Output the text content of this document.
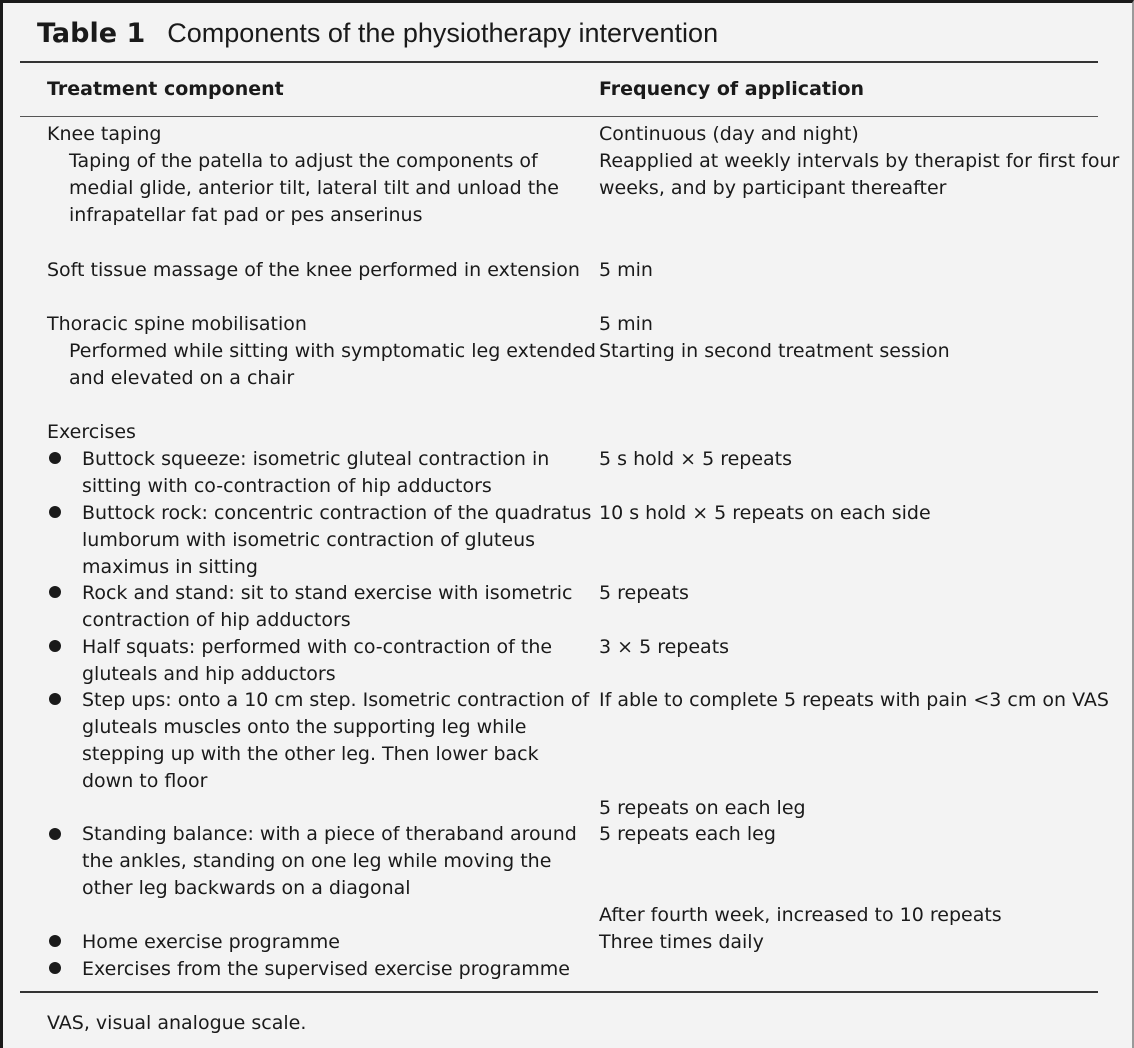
Table 1 Components of the physiotherapy intervention
Treatment component	Frequency of application
Knee taping
Taping of the patella to adjust the components of
medial glide, anterior tilt, lateral tilt and unload the
infrapatellar fat pad or pes anserinus
Continuous (day and night)
Reapplied at weekly intervals by therapist for first four
weeks, and by participant thereafter
Soft tissue massage of the knee performed in extension 5 min
Thoracic spine mobilisation
Performed while sitting with symptomatic leg extended
and elevated on a chair
5 min
Starting in second treatment session
Exercises
Buttock squeeze: isometric gluteal contraction in
sitting with co-contraction of hip adductors
5 s hold × 5 repeats
Buttock rock: concentric contraction of the quadratus
lumborum with isometric contraction of gluteus
maximus in sitting
10 s hold × 5 repeats on each side
Rock and stand: sit to stand exercise with isometric
contraction of hip adductors
5 repeats
Half squats: performed with co-contraction of the
gluteals and hip adductors
3 × 5 repeats
Step ups: onto a 10 cm step. Isometric contraction of
gluteals muscles onto the supporting leg while
stepping up with the other leg. Then lower back
down to floor
If able to complete 5 repeats with pain <3 cm on VAS
5 repeats on each leg
Standing balance: with a piece of theraband around
the ankles, standing on one leg while moving the
other leg backwards on a diagonal
5 repeats each leg
After fourth week, increased to 10 repeats
Home exercise programme	Three times daily
Exercises from the supervised exercise programme
VAS, visual analogue scale.
